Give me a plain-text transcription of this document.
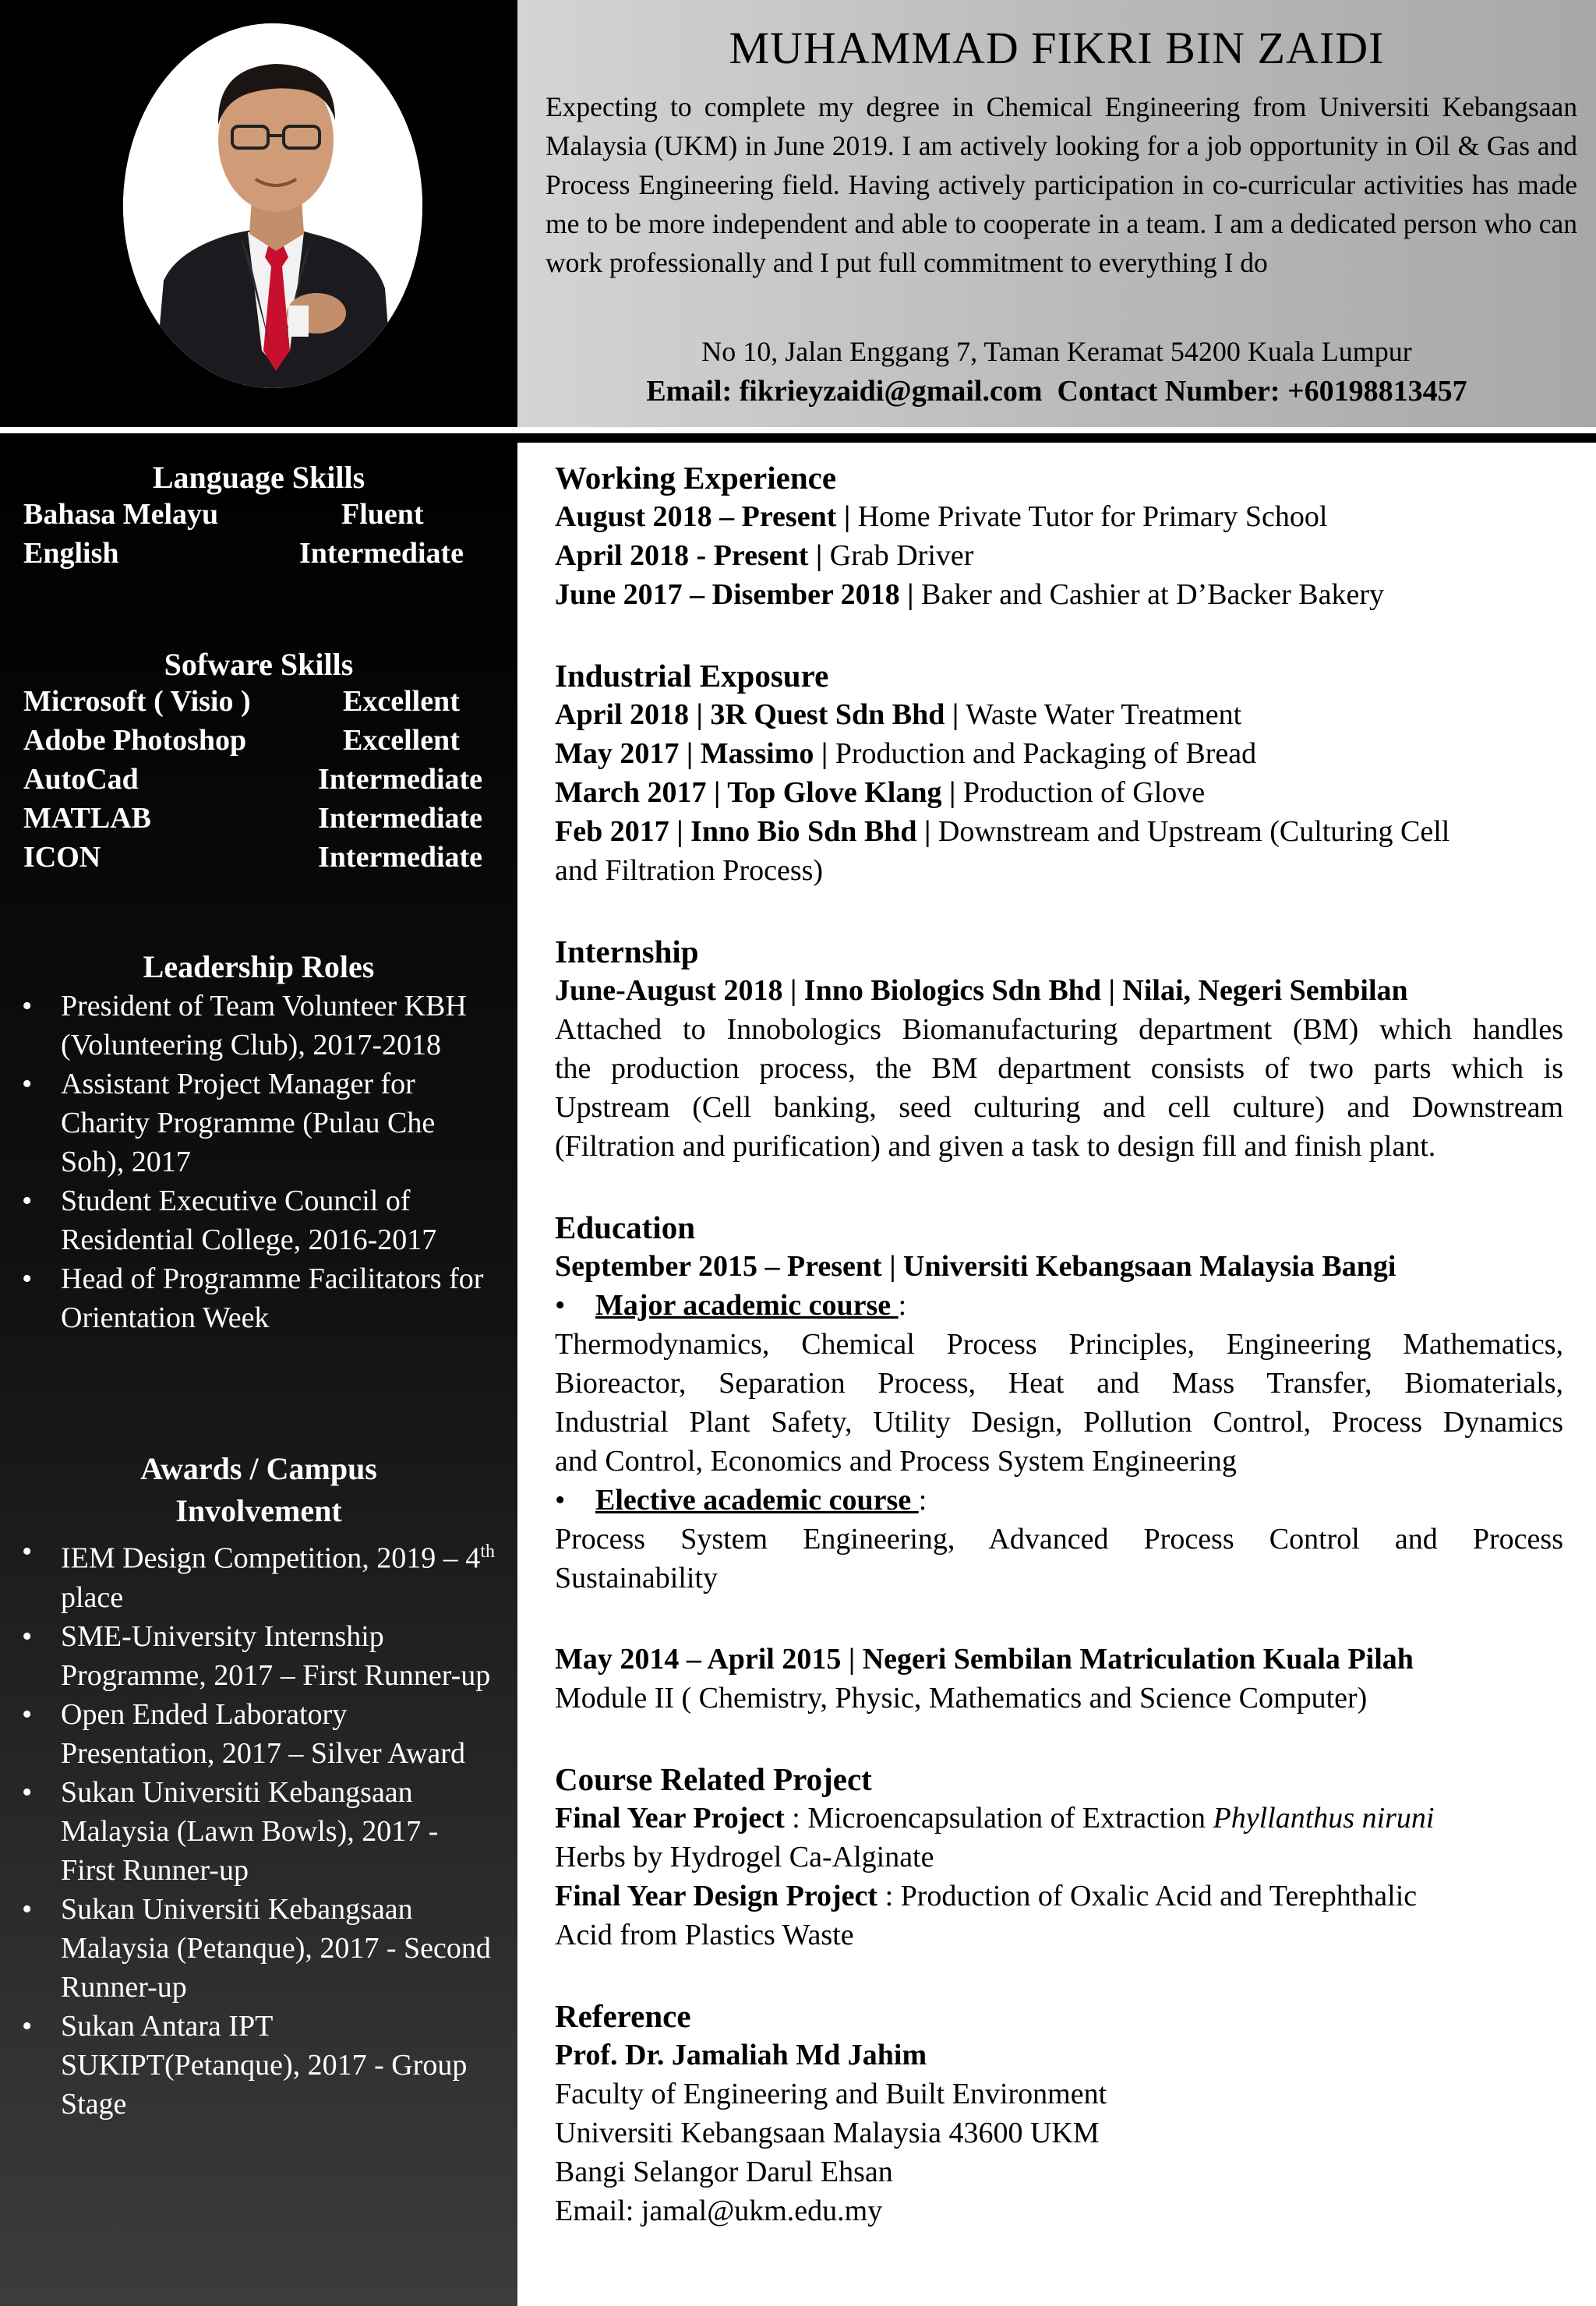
MUHAMMAD FIKRI BIN ZAIDI
Expecting to complete my degree in Chemical Engineering from Universiti Kebangsaan Malaysia (UKM) in June 2019. I am actively looking for a job opportunity in Oil & Gas and Process Engineering field. Having actively participation in co-curricular activities has made me to be more independent and able to cooperate in a team. I am a dedicated person who can work professionally and I put full commitment to everything I do
No 10, Jalan Enggang 7, Taman Keramat 54200 Kuala Lumpur
Email: fikrieyzaidi@gmail.com Contact Number: +60198813457
Language Skills
Bahasa Melayu	Fluent
English	Intermediate
Sofware Skills
Microsoft ( Visio )	Excellent
Adobe Photoshop	Excellent
AutoCad	Intermediate
MATLAB	Intermediate
ICON	Intermediate
Leadership Roles
• President of Team Volunteer KBH (Volunteering Club), 2017-2018
• Assistant Project Manager for Charity Programme (Pulau Che Soh), 2017
• Student Executive Council of Residential College, 2016-2017
• Head of Programme Facilitators for Orientation Week
Awards / Campus
Involvement
• IEM Design Competition, 2019 – 4th place
• SME-University Internship Programme, 2017 – First Runner-up
• Open Ended Laboratory Presentation, 2017 – Silver Award
• Sukan Universiti Kebangsaan Malaysia (Lawn Bowls), 2017 - First Runner-up
• Sukan Universiti Kebangsaan Malaysia (Petanque), 2017 - Second Runner-up
• Sukan Antara IPT SUKIPT(Petanque), 2017 - Group Stage
Working Experience
August 2018 – Present | Home Private Tutor for Primary School
April 2018 - Present | Grab Driver
June 2017 – Disember 2018 | Baker and Cashier at D’Backer Bakery
Industrial Exposure
April 2018 | 3R Quest Sdn Bhd | Waste Water Treatment
May 2017 | Massimo | Production and Packaging of Bread
March 2017 | Top Glove Klang | Production of Glove
Feb 2017 | Inno Bio Sdn Bhd | Downstream and Upstream (Culturing Cell
and Filtration Process)
Internship
June-August 2018 | Inno Biologics Sdn Bhd | Nilai, Negeri Sembilan
Attached to Innobologics Biomanufacturing department (BM) which handles
the production process, the BM department consists of two parts which is
Upstream (Cell banking, seed culturing and cell culture) and Downstream
(Filtration and purification) and given a task to design fill and finish plant.
Education
September 2015 – Present | Universiti Kebangsaan Malaysia Bangi
• Major academic course :
Thermodynamics, Chemical Process Principles, Engineering Mathematics,
Bioreactor, Separation Process, Heat and Mass Transfer, Biomaterials,
Industrial Plant Safety, Utility Design, Pollution Control, Process Dynamics
and Control, Economics and Process System Engineering
• Elective academic course :
Process System Engineering, Advanced Process Control and Process
Sustainability
May 2014 – April 2015 | Negeri Sembilan Matriculation Kuala Pilah
Module II ( Chemistry, Physic, Mathematics and Science Computer)
Course Related Project
Final Year Project : Microencapsulation of Extraction Phyllanthus niruni
Herbs by Hydrogel Ca-Alginate
Final Year Design Project : Production of Oxalic Acid and Terephthalic
Acid from Plastics Waste
Reference
Prof. Dr. Jamaliah Md Jahim
Faculty of Engineering and Built Environment
Universiti Kebangsaan Malaysia 43600 UKM
Bangi Selangor Darul Ehsan
Email: jamal@ukm.edu.my
